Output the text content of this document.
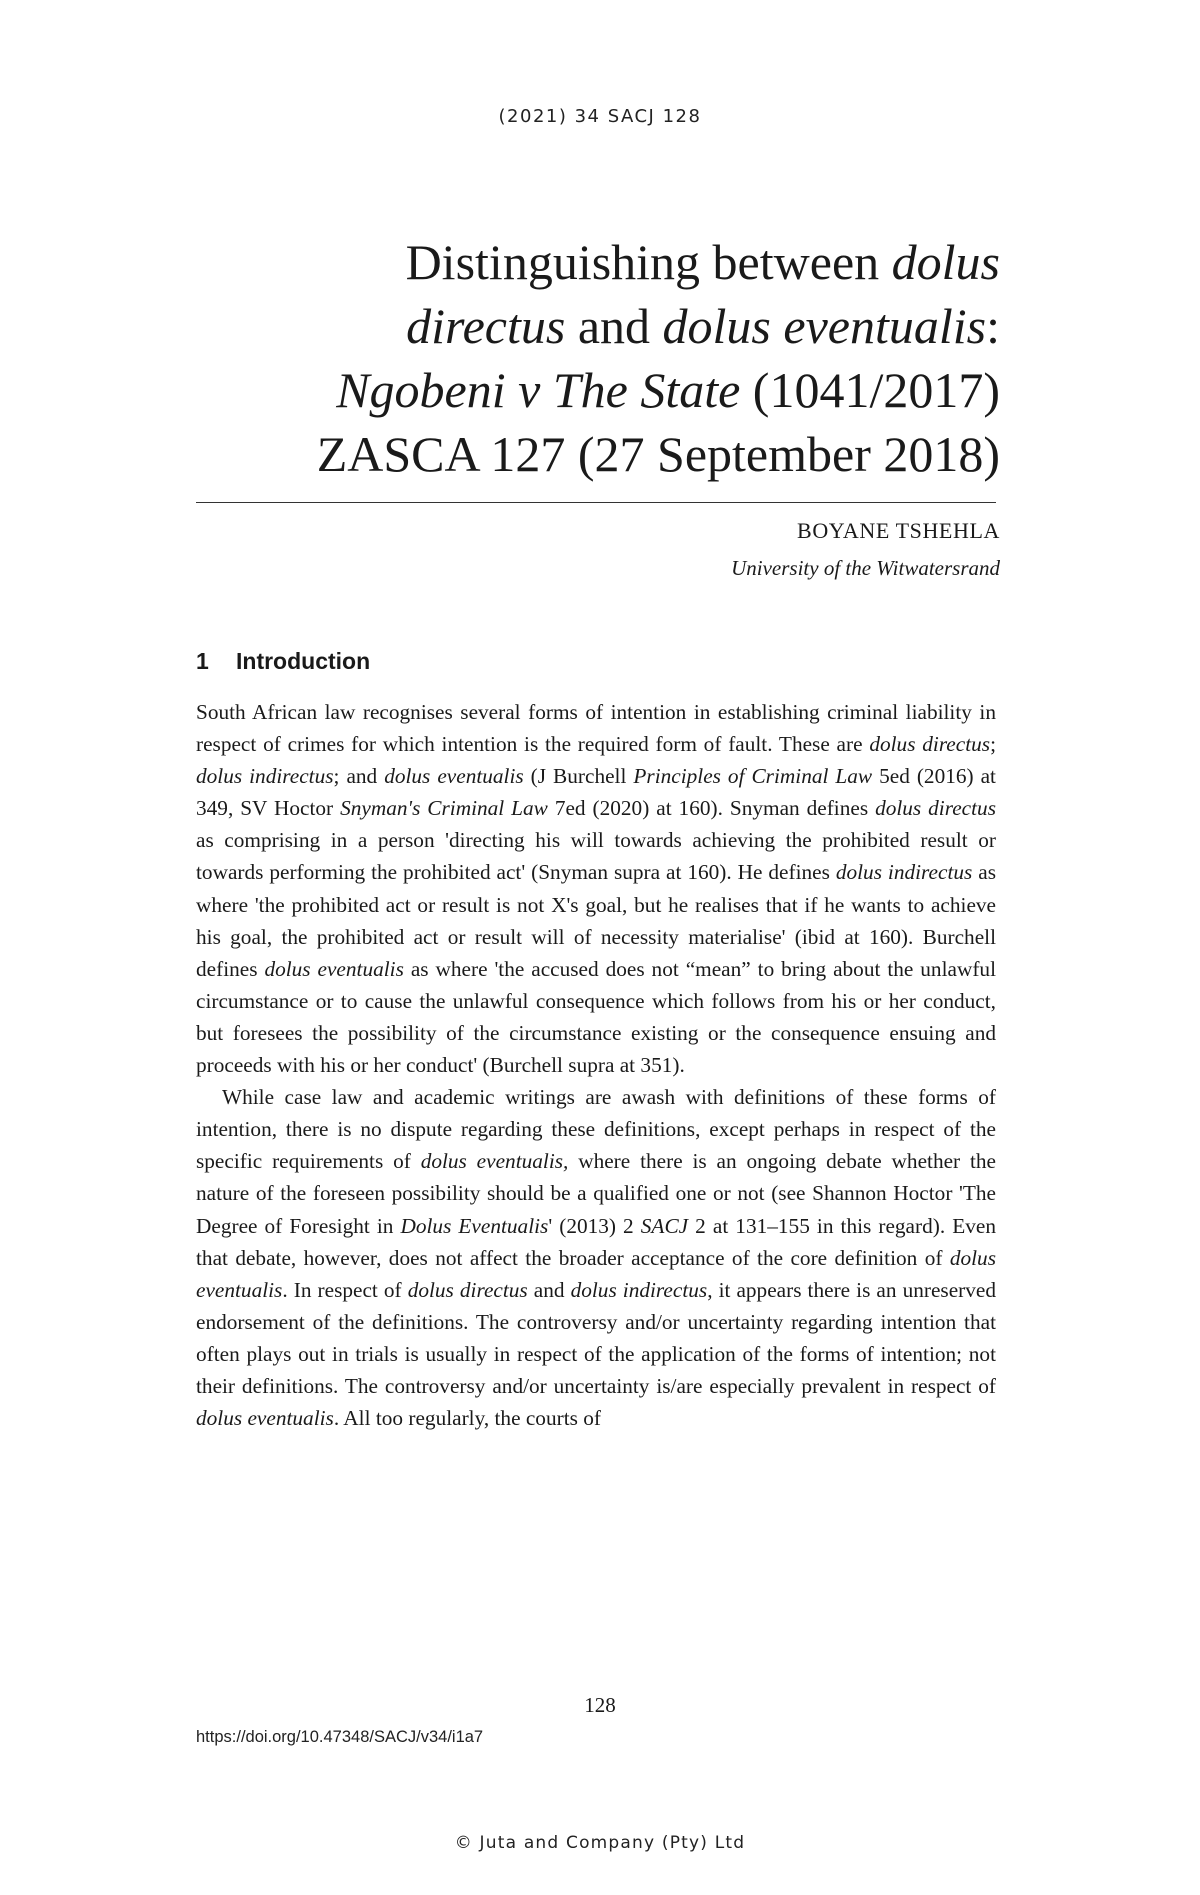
(2021) 34 SACJ 128
Distinguishing between dolus
directus and dolus eventualis:
Ngobeni v The State (1041/2017)
ZASCA 127 (27 September 2018)
BOYANE TSHEHLA
University of the Witwatersrand
1 Introduction

South African law recognises several forms of intention in establishing criminal liability in respect of crimes for which intention is the required form of fault. These are dolus directus; dolus indirectus; and dolus eventualis (J Burchell Principles of Criminal Law 5ed (2016) at 349, SV Hoctor Snyman's Criminal Law 7ed (2020) at 160). Snyman defines dolus directus as comprising in a person 'directing his will towards achieving the prohibited result or towards performing the prohibited act' (Snyman supra at 160). He defines dolus indirectus as where 'the prohibited act or result is not X's goal, but he realises that if he wants to achieve his goal, the prohibited act or result will of necessity materialise' (ibid at 160). Burchell defines dolus eventualis as where 'the accused does not “mean” to bring about the unlawful circumstance or to cause the unlawful consequence which follows from his or her conduct, but foresees the possibility of the circumstance existing or the consequence ensuing and proceeds with his or her conduct' (Burchell supra at 351).

While case law and academic writings are awash with definitions of these forms of intention, there is no dispute regarding these definitions, except perhaps in respect of the specific requirements of dolus eventualis, where there is an ongoing debate whether the nature of the foreseen possibility should be a qualified one or not (see Shannon Hoctor 'The Degree of Foresight in Dolus Eventualis' (2013) 2 SACJ 2 at 131–155 in this regard). Even that debate, however, does not affect the broader acceptance of the core definition of dolus eventualis. In respect of dolus directus and dolus indirectus, it appears there is an unreserved endorsement of the definitions. The controversy and/or uncertainty regarding intention that often plays out in trials is usually in respect of the application of the forms of intention; not their definitions. The controversy and/or uncertainty is/are especially prevalent in respect of dolus eventualis. All too regularly, the courts of

128
https://doi.org/10.47348/SACJ/v34/i1a7
© Juta and Company (Pty) Ltd
